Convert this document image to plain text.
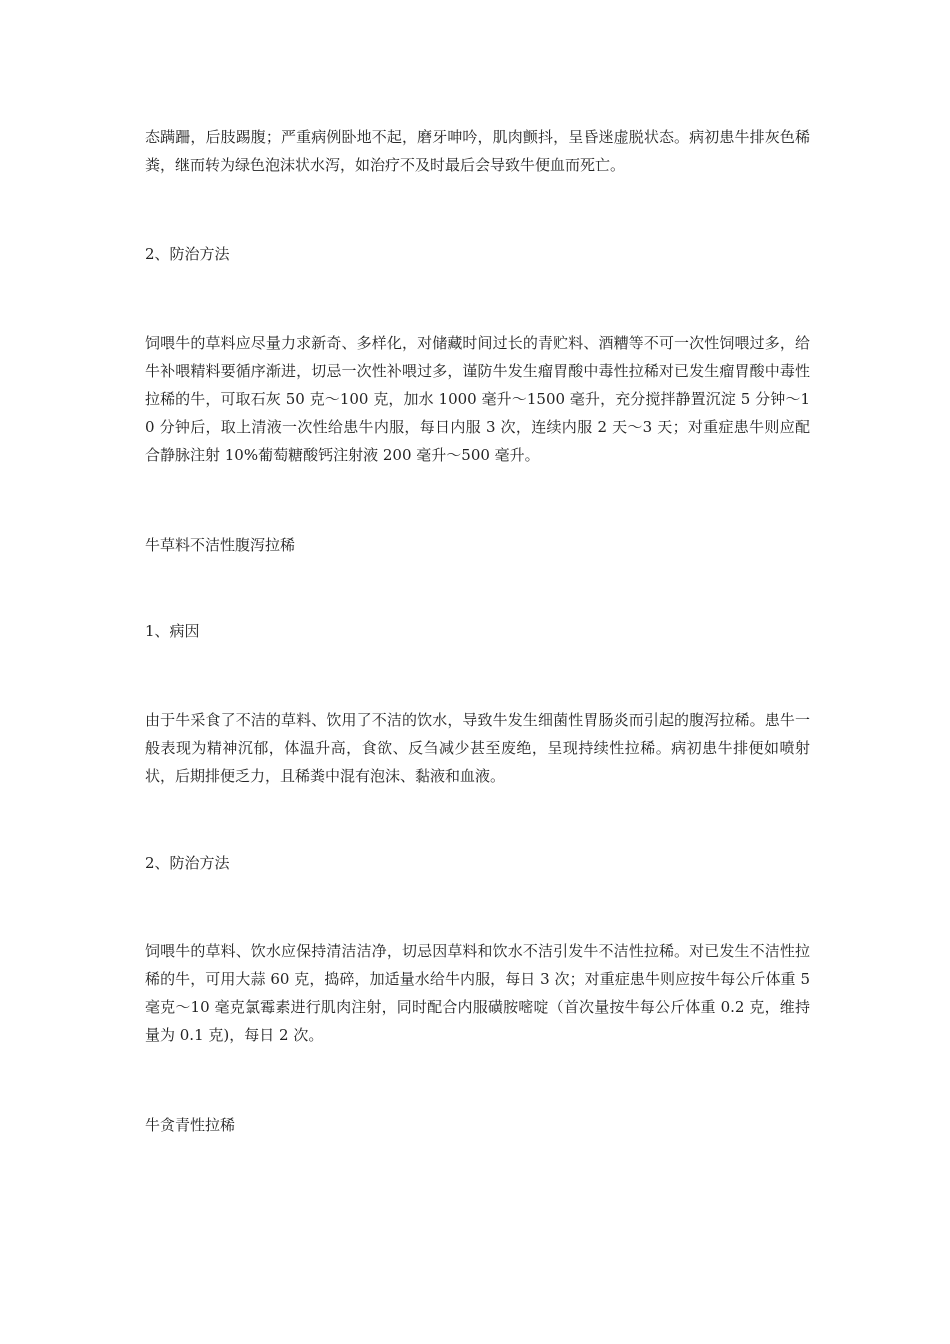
态蹒跚，后肢踢腹；严重病例卧地不起，磨牙呻吟，肌肉颤抖，呈昏迷虚脱状态。病初患牛排灰色稀粪，继而转为绿色泡沫状水泻，如治疗不及时最后会导致牛便血而死亡。

2、防治方法

饲喂牛的草料应尽量力求新奇、多样化，对储藏时间过长的青贮料、酒糟等不可一次性饲喂过多，给牛补喂精料要循序渐进，切忌一次性补喂过多，谨防牛发生瘤胃酸中毒性拉稀对已发生瘤胃酸中毒性拉稀的牛，可取石灰 50 克～100 克，加水 1000 毫升～1500 毫升，充分搅拌静置沉淀 5 分钟～10 分钟后，取上清液一次性给患牛内服，每日内服 3 次，连续内服 2 天～3 天；对重症患牛则应配合静脉注射 10%葡萄糖酸钙注射液 200 毫升～500 毫升。

牛草料不洁性腹泻拉稀

1、病因

由于牛采食了不洁的草料、饮用了不洁的饮水，导致牛发生细菌性胃肠炎而引起的腹泻拉稀。患牛一般表现为精神沉郁，体温升高，食欲、反刍减少甚至废绝，呈现持续性拉稀。病初患牛排便如喷射状，后期排便乏力，且稀粪中混有泡沫、黏液和血液。

2、防治方法

饲喂牛的草料、饮水应保持清洁洁净，切忌因草料和饮水不洁引发牛不洁性拉稀。对已发生不洁性拉稀的牛，可用大蒜 60 克，捣碎，加适量水给牛内服，每日 3 次；对重症患牛则应按牛每公斤体重 5 毫克～10 毫克氯霉素进行肌肉注射，同时配合内服磺胺嘧啶（首次量按牛每公斤体重 0.2 克，维持量为 0.1 克)，每日 2 次。

牛贪青性拉稀
